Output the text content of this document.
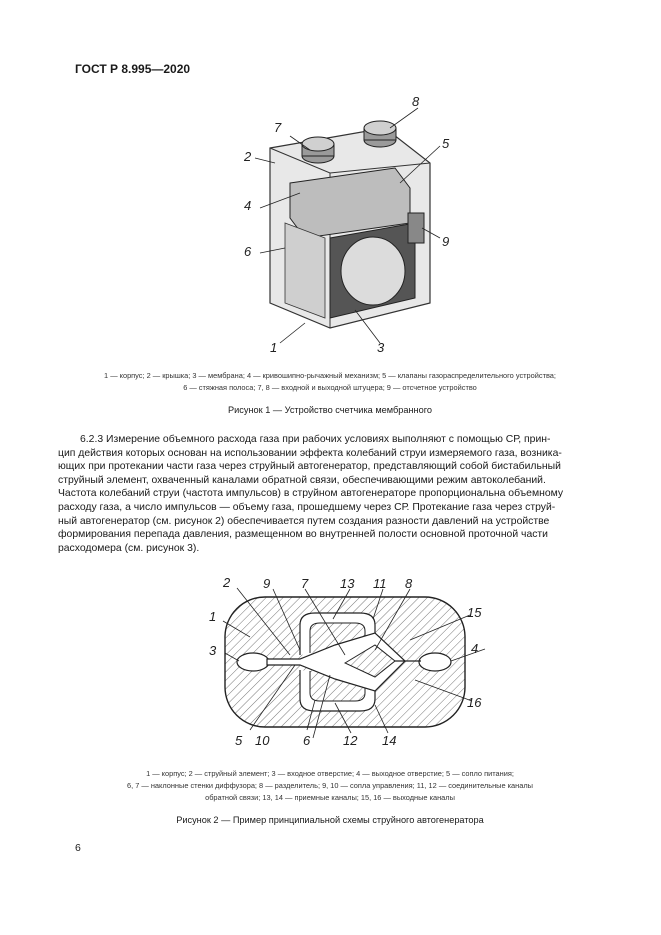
ГОСТ Р 8.995—2020
1
2
3
4
5
6
7
8
9
1 — корпус; 2 — крышка; 3 — мембрана; 4 — кривошипно-рычажный механизм; 5 — клапаны газораспределительного устройства;
6 — стяжная полоса; 7, 8 — входной и выходной штуцера; 9 — отсчетное устройство
Рисунок 1 — Устройство счетчика мембранного
6.2.3 Измерение объемного расхода газа при рабочих условиях выполняют с помощью СР, прин-
цип действия которых основан на использовании эффекта колебаний струи измеряемого газа, возника-
ющих при протекании части газа через струйный автогенератор, представляющий собой бистабильный
струйный элемент, охваченный каналами обратной связи, обеспечивающими режим автоколебаний.
Частота колебаний струи (частота импульсов) в струйном автогенераторе пропорциональна объемному
расходу газа, а число импульсов — объему газа, прошедшему через СР. Протекание газа через струй-
ный автогенератор (см. рисунок 2) обеспечивается путем создания разности давлений на устройстве
формирования перепада давления, размещенном во внутренней полости основной проточной части
расходомера (см. рисунок 3).
1
2
3	4
5	6
7	8
9
10
11
12
13
14
15
16
1 — корпус; 2 — струйный элемент; 3 — входное отверстие; 4 — выходное отверстие; 5 — сопло питания;
6, 7 — наклонные стенки диффузора; 8 — разделитель; 9, 10 — сопла управления; 11, 12 — соединительные каналы
обратной связи; 13, 14 — приемные каналы; 15, 16 — выходные каналы
Рисунок 2 — Пример принципиальной схемы струйного автогенератора
6
